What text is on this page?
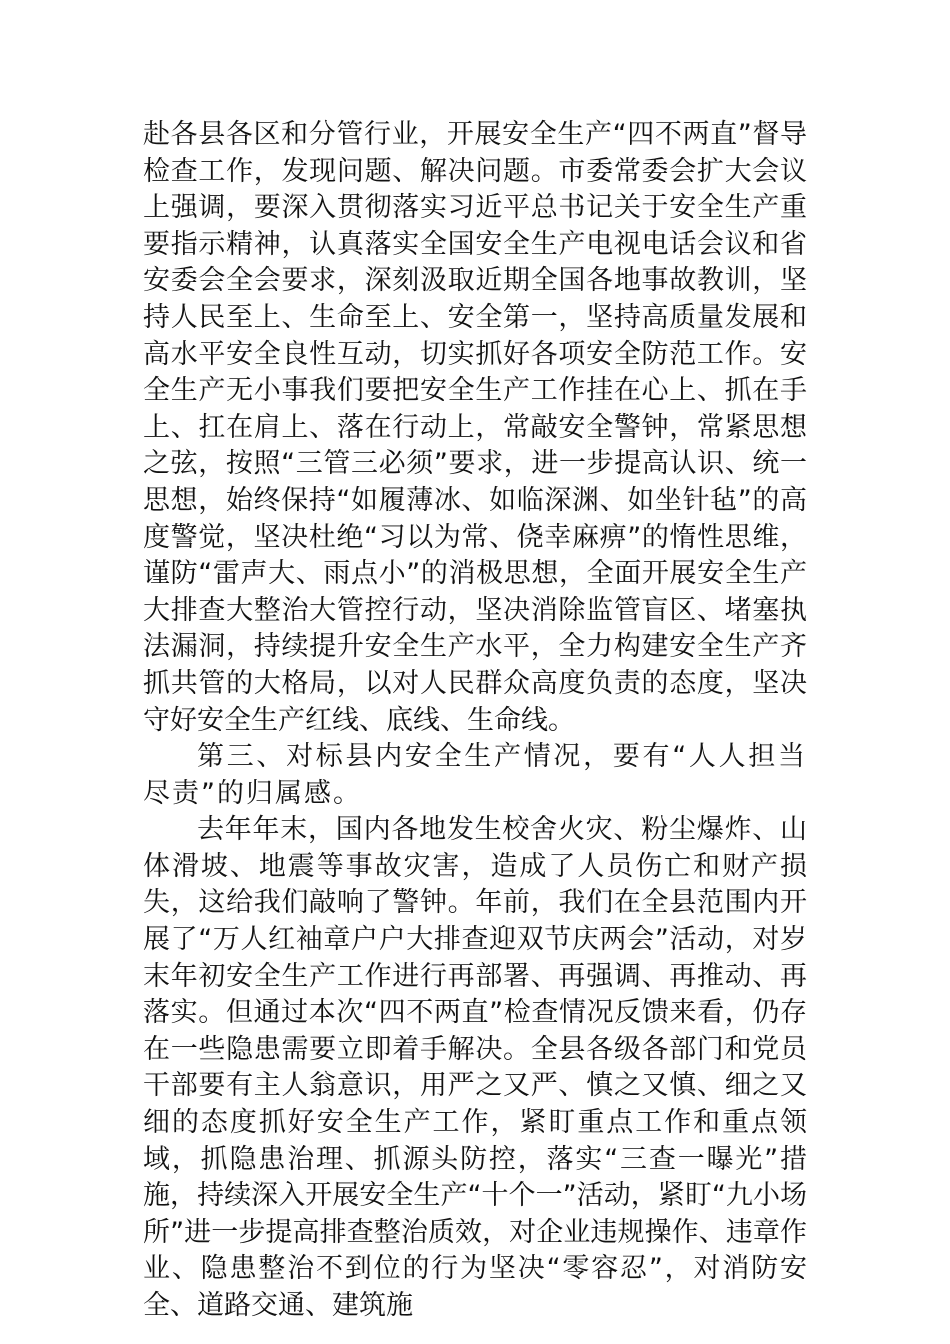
赴各县各区和分管行业，开展安全生产“四不两直”督导检查工作，发现问题、解决问题。市委常委会扩大会议上强调，要深入贯彻落实习近平总书记关于安全生产重要指示精神，认真落实全国安全生产电视电话会议和省安委会全会要求，深刻汲取近期全国各地事故教训，坚持人民至上、生命至上、安全第一，坚持高质量发展和高水平安全良性互动，切实抓好各项安全防范工作。安全生产无小事我们要把安全生产工作挂在心上、抓在手上、扛在肩上、落在行动上，常敲安全警钟，常紧思想之弦，按照“三管三必须”要求，进一步提高认识、统一思想，始终保持“如履薄冰、如临深渊、如坐针毡”的高度警觉，坚决杜绝“习以为常、侥幸麻痹”的惰性思维，谨防“雷声大、雨点小”的消极思想，全面开展安全生产大排查大整治大管控行动，坚决消除监管盲区、堵塞执法漏洞，持续提升安全生产水平，全力构建安全生产齐抓共管的大格局，以对人民群众高度负责的态度，坚决守好安全生产红线、底线、生命线。

第三、对标县内安全生产情况，要有“人人担当尽责”的归属感。

去年年末，国内各地发生校舍火灾、粉尘爆炸、山体滑坡、地震等事故灾害，造成了人员伤亡和财产损失，这给我们敲响了警钟。年前，我们在全县范围内开展了“万人红袖章户户大排查迎双节庆两会”活动，对岁末年初安全生产工作进行再部署、再强调、再推动、再落实。但通过本次“四不两直”检查情况反馈来看，仍存在一些隐患需要立即着手解决。全县各级各部门和党员干部要有主人翁意识，用严之又严、慎之又慎、细之又细的态度抓好安全生产工作，紧盯重点工作和重点领域，抓隐患治理、抓源头防控，落实“三查一曝光”措施，持续深入开展安全生产“十个一”活动，紧盯“九小场所”进一步提高排查整治质效，对企业违规操作、违章作业、隐患整治不到位的行为坚决“零容忍”，对消防安全、道路交通、建筑施
